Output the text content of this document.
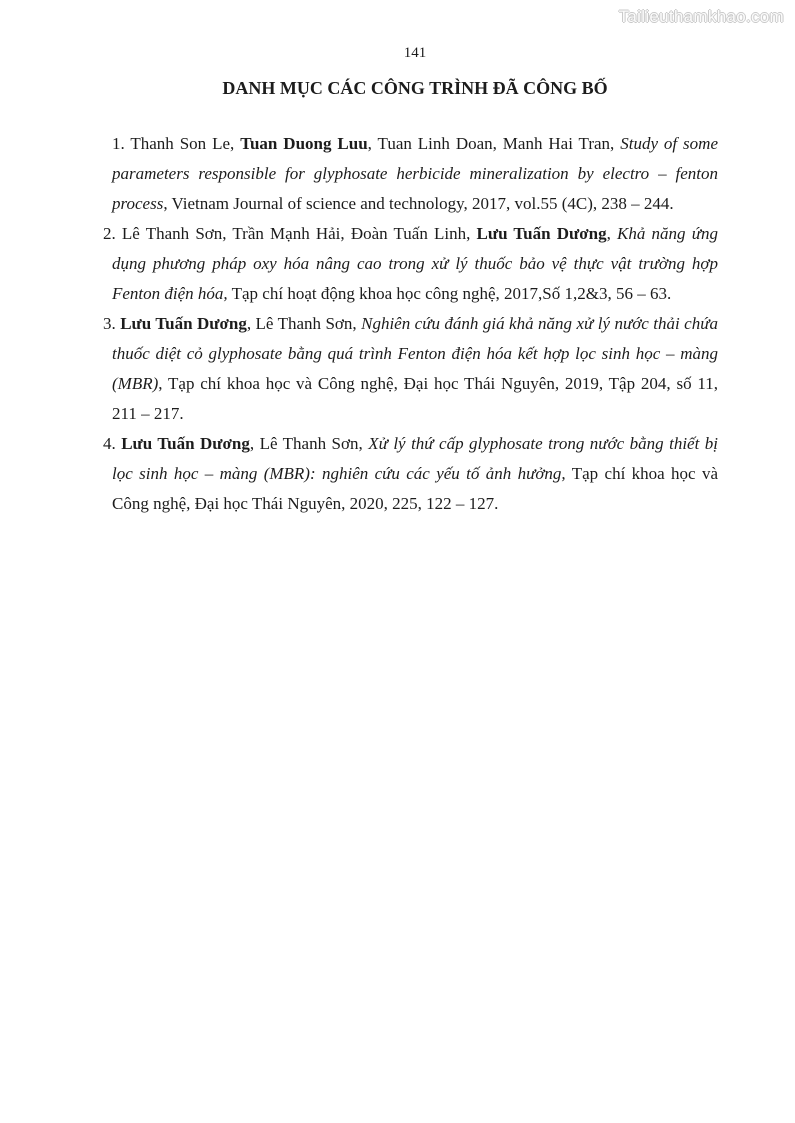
Tailieuthamkhao.com
141
DANH MỤC CÁC CÔNG TRÌNH ĐÃ CÔNG BỐ
1. Thanh Son Le, Tuan Duong Luu, Tuan Linh Doan, Manh Hai Tran, Study of some parameters responsible for glyphosate herbicide mineralization by electro – fenton process, Vietnam Journal of science and technology, 2017, vol.55 (4C), 238 – 244.
2. Lê Thanh Sơn, Trần Mạnh Hải, Đoàn Tuấn Linh, Lưu Tuấn Dương, Khả năng ứng dụng phương pháp oxy hóa nâng cao trong xử lý thuốc bảo vệ thực vật trường hợp Fenton điện hóa, Tạp chí hoạt động khoa học công nghệ, 2017,Số 1,2&3, 56 – 63.
3. Lưu Tuấn Dương, Lê Thanh Sơn, Nghiên cứu đánh giá khả năng xử lý nước thải chứa thuốc diệt cỏ glyphosate bằng quá trình Fenton điện hóa kết hợp lọc sinh học – màng (MBR), Tạp chí khoa học và Công nghệ, Đại học Thái Nguyên, 2019, Tập 204, số 11, 211 – 217.
4. Lưu Tuấn Dương, Lê Thanh Sơn, Xử lý thứ cấp glyphosate trong nước bằng thiết bị lọc sinh học – màng (MBR): nghiên cứu các yếu tố ảnh hưởng, Tạp chí khoa học và Công nghệ, Đại học Thái Nguyên, 2020, 225, 122 – 127.
